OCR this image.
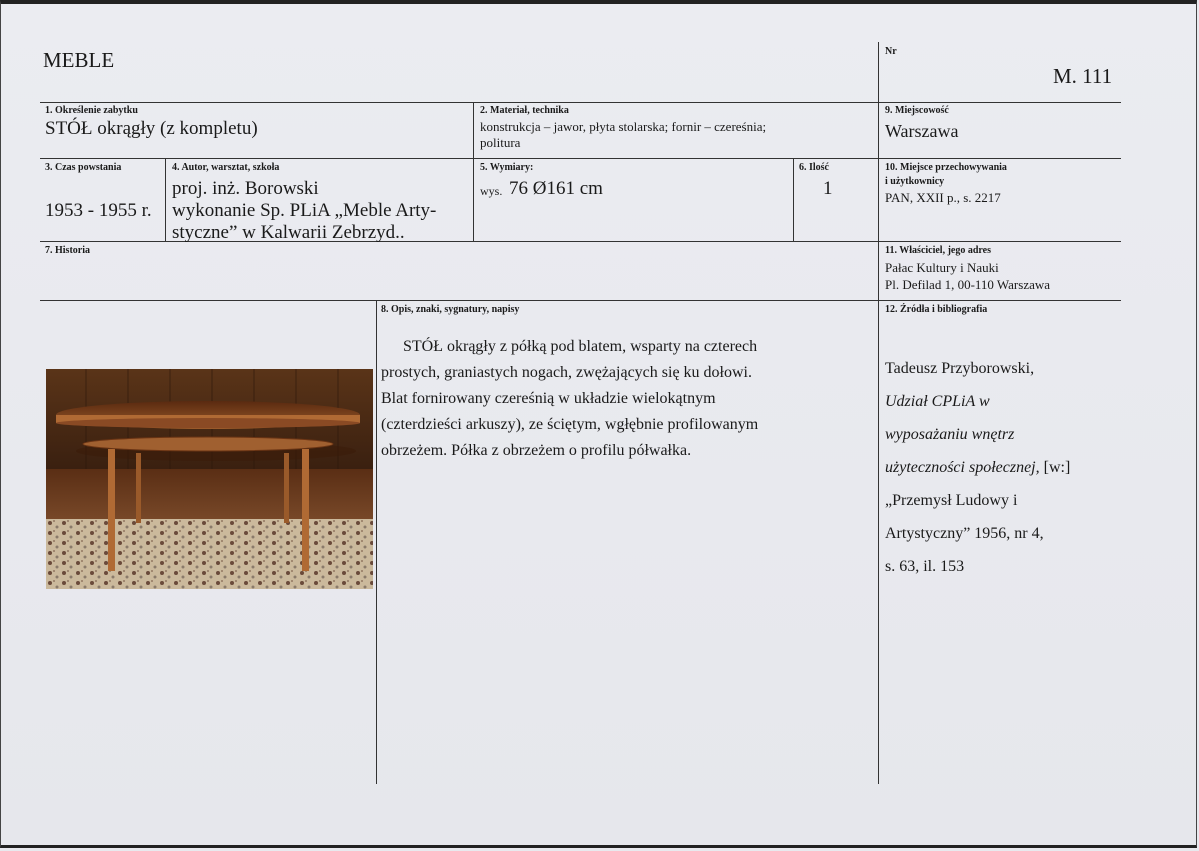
MEBLE	Nr
M. 111
1. Określenie zabytku
STÓŁ okrągły (z kompletu)
2. Materiał, technika
konstrukcja – jawor, płyta stolarska; fornir – czereśnia;
politura
9. Miejscowość
Warszawa
3. Czas powstania
1953 - 1955 r.
4. Autor, warsztat, szkoła
proj. inż. Borowski
wykonanie Sp. PLiA „Meble Arty-
styczne” w Kalwarii Zebrzyd..
5. Wymiary:
wys. 76 Ø161 cm
6. Ilość
1
10. Miejsce przechowywania
i użytkownicy
PAN, XXII p., s. 2217
7. Historia	11. Właściciel, jego adres
Pałac Kultury i Nauki
Pl. Defilad 1, 00-110 Warszawa
8. Opis, znaki, sygnatury, napisy
STÓŁ okrągły z półką pod blatem, wsparty na czterech
prostych, graniastych nogach, zwężających się ku dołowi.
Blat fornirowany czereśnią w układzie wielokątnym
(czterdzieści arkuszy), ze ściętym, wgłębnie profilowanym
obrzeżem. Półka z obrzeżem o profilu półwałka.
12. Źródła i bibliografia
Tadeusz Przyborowski,
Udział CPLiA w
wyposażaniu wnętrz
użyteczności społecznej, [w:]
„Przemysł Ludowy i
Artystyczny” 1956, nr 4,
s. 63, il. 153
